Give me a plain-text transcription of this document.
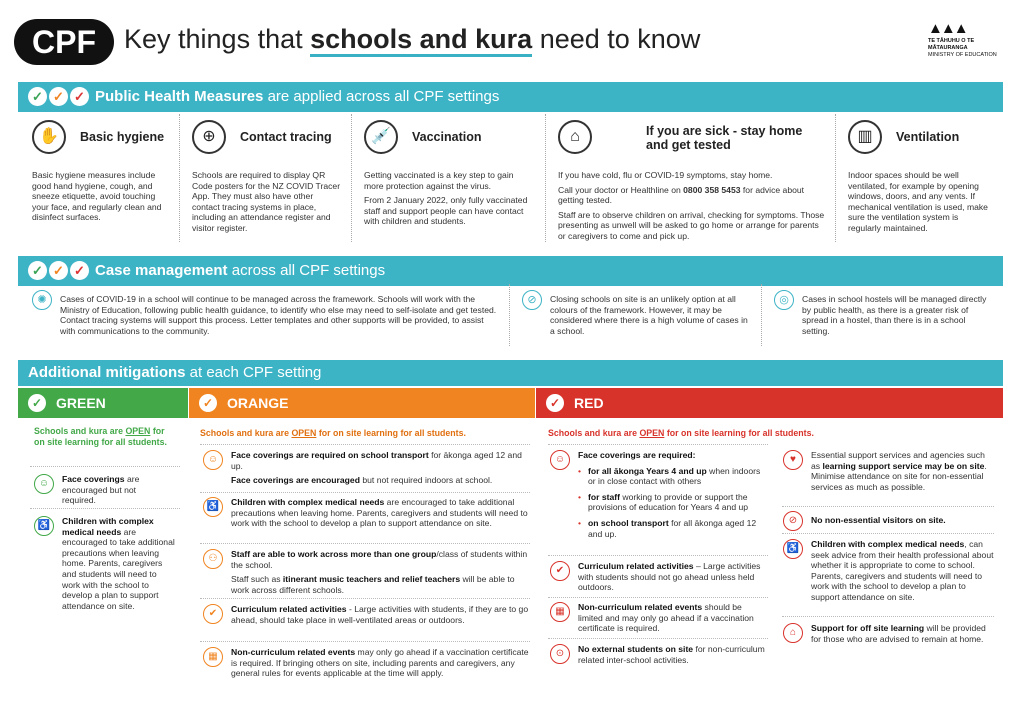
CPF	Key things that schools and kura need to know	▲▲▲
TE TĀHUHU O TE MĀTAURANGA
MINISTRY OF EDUCATION
✓ ✓ ✓ Public Health Measures are applied across all CPF settings
✋	Basic hygiene

Basic hygiene measures include good hand hygiene, cough, and sneeze etiquette, avoid touching your face, and regularly clean and disinfect surfaces.

⊕	Contact tracing

Schools are required to display QR Code posters for the NZ COVID Tracer App. They must also have other contact tracing systems in place, including an attendance register and visitor register.

💉	Vaccination

Getting vaccinated is a key step to gain more protection against the virus.

From 2 January 2022, only fully vaccinated staff and support people can have contact with children and students.

⌂	If you are sick - stay home and get tested

If you have cold, flu or COVID-19 symptoms, stay home.
Call your doctor or Healthline on 0800 358 5453 for advice about getting tested.
Staff are to observe children on arrival, checking for symptoms. Those presenting as unwell will be asked to go home or arrange for parents or caregivers to come and pick up.

▥	Ventilation

Indoor spaces should be well ventilated, for example by opening windows, doors, and any vents. If mechanical ventilation is used, make sure the ventilation system is regularly maintained.

✓ ✓ ✓ Case management across all CPF settings
✺	Cases of COVID-19 in a school will continue to be managed across the framework. Schools will work with the Ministry of Education, following public health guidance, to identify who else may need to self-isolate and get tested. Contact tracing systems will support this process. Letter templates and other supports will be provided, to assist with communications to the community.

⊘	Closing schools on site is an unlikely option at all colours of the framework. However, it may be considered where there is a high volume of cases in a school.

◎	Cases in school hostels will be managed directly by public health, as there is a greater risk of spread in a hostel, than there is in a school setting.

Additional mitigations at each CPF setting
✓ GREEN	✓ ORANGE	✓ RED
Schools and kura are OPEN for on site learning for all students.
☺	Face coverings are encouraged but not required.
♿	Children with complex medical needs are encouraged to take additional precautions when leaving home. Parents, caregivers and students will need to work with the school to develop a plan to support attendance on site.
Schools and kura are OPEN for on site learning for all students.
☺	Face coverings are required on school transport for ākonga aged 12 and up.
Face coverings are encouraged but not required indoors at school.
♿	Children with complex medical needs are encouraged to take additional precautions when leaving home. Parents, caregivers and students will need to work with the school to develop a plan to support attendance on site.
⚇	Staff are able to work across more than one group/class of students within the school.
Staff such as itinerant music teachers and relief teachers will be able to work across different schools.
✔	Curriculum related activities - Large activities with students, if they are to go ahead, should take place in well-ventilated areas or outdoors.
▦	Non-curriculum related events may only go ahead if a vaccination certificate is required. If bringing others on site, including parents and caregivers, any general rules for events applicable at the time will apply.
Schools and kura are OPEN for on site learning for all students.
☺	Face coverings are required:
• for all ākonga Years 4 and up when indoors or in close contact with others
• for staff working to provide or support the provisions of education for Years 4 and up
• on school transport for all ākonga aged 12 and up.
✔	Curriculum related activities – Large activities with students should not go ahead unless held outdoors.
▦	Non-curriculum related events should be limited and may only go ahead if a vaccination certificate is required.
⊙	No external students on site for non-curriculum related inter-school activities.
♥	Essential support services and agencies such as learning support service may be on site. Minimise attendance on site for non-essential services as much as possible.
⊘	No non-essential visitors on site.
♿	Children with complex medical needs, can seek advice from their health professional about whether it is appropriate to come to school. Parents, caregivers and students will need to work with the school to develop a plan to support attendance on site.
⌂	Support for off site learning will be provided for those who are advised to remain at home.
